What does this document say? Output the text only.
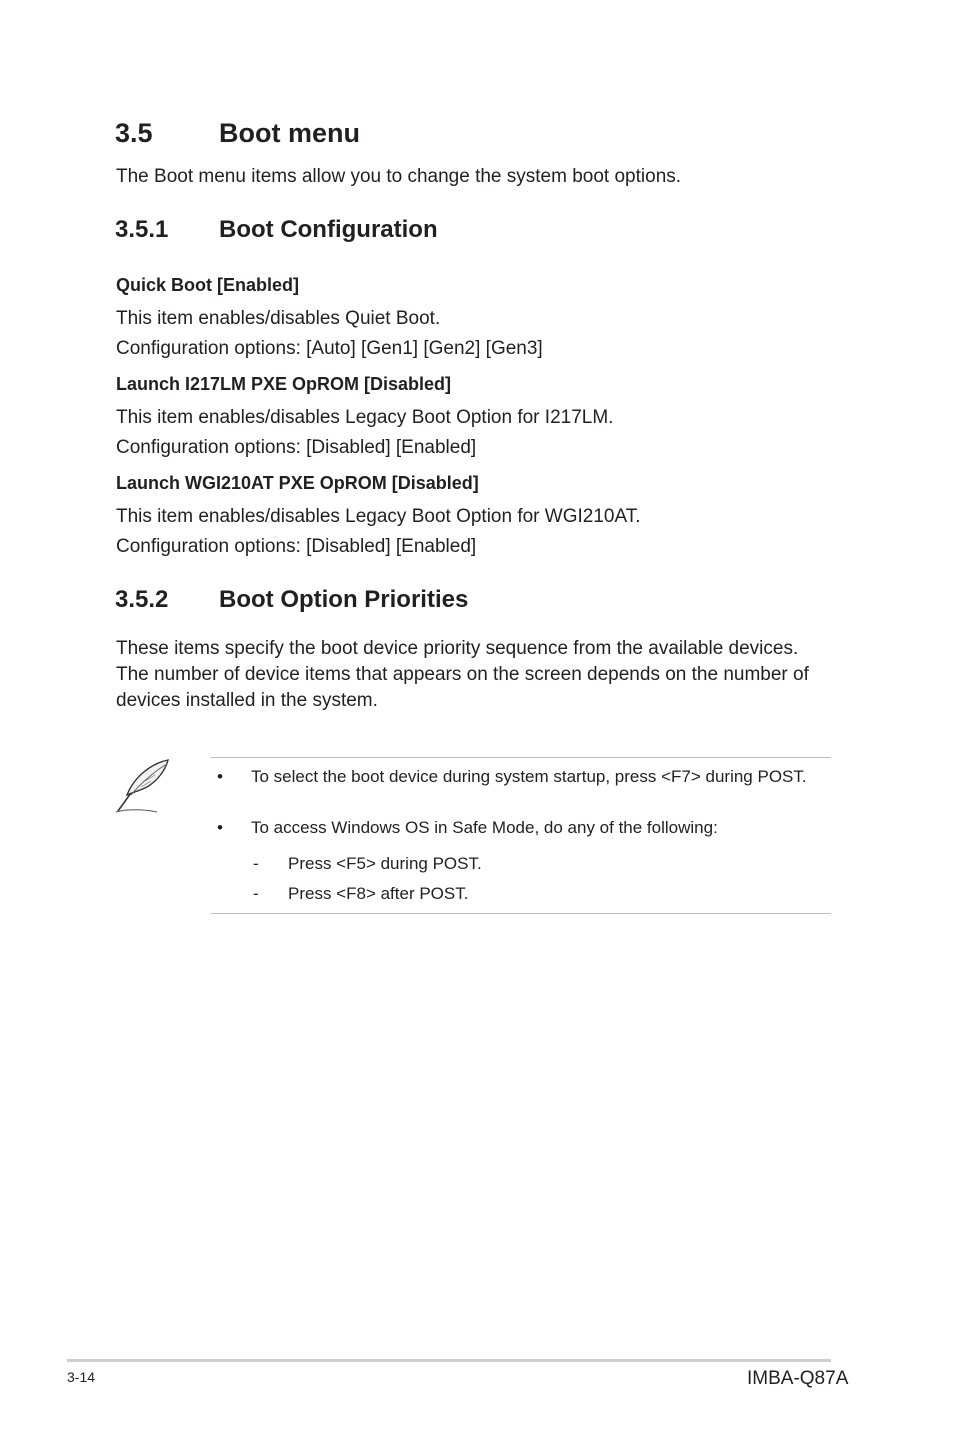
3.5 Boot menu
The Boot menu items allow you to change the system boot options.
3.5.1 Boot Configuration
Quick Boot [Enabled]
This item enables/disables Quiet Boot.
Configuration options: [Auto] [Gen1] [Gen2] [Gen3]
Launch I217LM PXE OpROM [Disabled]
This item enables/disables Legacy Boot Option for I217LM.
Configuration options: [Disabled] [Enabled]
Launch WGI210AT PXE OpROM [Disabled]
This item enables/disables Legacy Boot Option for WGI210AT.
Configuration options: [Disabled] [Enabled]
3.5.2 Boot Option Priorities
These items specify the boot device priority sequence from the available devices.
The number of device items that appears on the screen depends on the number of
devices installed in the system.
• To select the boot device during system startup, press <F7> during POST.
• To access Windows OS in Safe Mode, do any of the following:
- Press <F5> during POST.
- Press <F8> after POST.
3-14	IMBA-Q87A
